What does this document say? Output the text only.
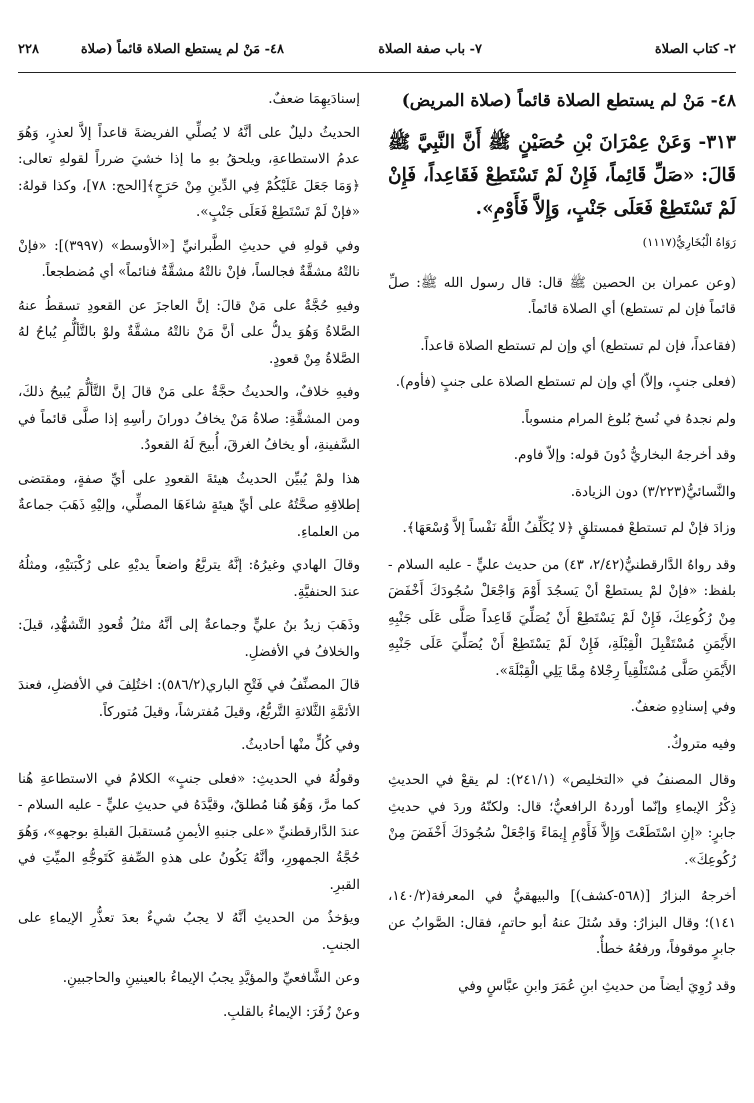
٢- كتاب الصلاة
٧- باب صفة الصلاة
٤٨- مَنْ لم يستطع الصلاة قائماً (صلاة
٢٢٨

٤٨- مَنْ لم يستطع الصلاة قائماً (صلاة المريض)

٣١٣- وَعَنْ عِمْرَانَ بْنِ حُصَيْنٍ ﷺ أَنَّ النَّبِيَّ ﷺ قَالَ: «صَلِّ قَائِماً، فَإِنْ لَمْ تَسْتَطِعْ فَقَاعِداً، فَإِنْ لَمْ تَسْتَطِعْ فَعَلَى جَنْبٍ، وَإِلاَّ فَأَوْمِ».

رَوَاهُ الْبُخَارِيُّ(١١١٧)

(وعن عمران بن الحصين ﷺ قال: قال رسول الله ﷺ: صلِّ قائماً فإن لم تستطع) أي الصلاة قائماً.

(فقاعداً، فإن لم تستطع) أي وإن لم تستطع الصلاة قاعداً.

(فعلى جنبٍ، وإلاّ) أي وإن لم تستطع الصلاة على جنبٍ (فأوم).

ولم نجدهُ في نُسخ بُلوغ المرام منسوباً.

وقد أخرجهُ البخاريُّ دُونَ قوله: وإلاّ فاوم.

والنَّسائيُّ(٣/٢٢٣) دون الزيادة.

وزادَ فإنْ لم تستطعْ فمستلقٍ ﴿لا يُكَلِّفُ اللَّهُ نَفْساً إلاَّ وُسْعَهَا﴾.

وقد رواهُ الدَّارقطنيُّ(٢/٤٢، ٤٣) من حديث عليٍّ - عليه السلام - بلفظ: «فإنْ لمْ يستطعْ أنْ يَسجُدَ أَوْمَ وَاجْعَلْ سُجُودَكَ أَخْفَضَ مِنْ رُكُوعِكَ، فَإِنْ لَمْ يَسْتَطِعْ أَنْ يُصَلِّيَ قَاعِداً صَلَّى عَلَى جَنْبِهِ الأَيْمَنِ مُسْتَقْبِلَ الْقِبْلَةِ، فَإِنْ لَمْ يَسْتَطِعْ أَنْ يُصَلِّيَ عَلَى جَنْبِهِ الأَيْمَنِ صَلَّى مُسْتَلْقِياً رِجْلاهُ مِمَّا يَلِي الْقِبْلَةَ».

وفي إسنادِهِ ضعفٌ.

وفيه متروكٌ.

وقال المصنفُ في «التخليص» (٢٤١/١): لم يقعْ في الحديثِ ذِكْرُ الإيماءِ وإنّما أوردهُ الرافعيُّ؛ قال: ولكنّهُ وردَ في حديثِ جابرٍ: «إنِ اسْتَطَعْتَ وَإِلاَّ فَأَوْمِ إِيمَاءً وَاجْعَلْ سُجُودَكَ أَخْفَضَ مِنْ رُكُوعِكَ».

أخرجهُ البزارُ [(٥٦٨-كشف)] والبيهقيُّ في المعرفة(١٤٠/٢، ١٤١)؛ وقال البزارُ: وقد سُئلَ عنهُ أبو حاتمٍ، فقال: الصَّوابُ عن جابرٍ موقوفاً، ورفعُهُ خطأٌ.

وقد رُوِيَ أيضاً من حديثِ ابنِ عُمَرَ وابنِ عبَّاسٍ وفي

إسنادَيهِمَا ضعفٌ.

الحديثُ دليلٌ على أنَّهُ لا يُصلِّي الفريضةَ قاعداً إلاَّ لعذرٍ، وَهُوَ عدمُ الاستطاعةِ، ويلحقُ بهِ ما إذا خشيَ ضرراً لقولهِ تعالى: ﴿وَمَا جَعَلَ عَلَيْكُمْ فِي الدِّينِ مِنْ حَرَجٍ﴾[الحج: ٧٨]، وكذا قولهُ: «فإنْ لَمْ تَسْتَطِعْ فَعَلَى جَنْبٍ».

وفي قولهِ في حديثِ الطَّبرانيِّ [«الأوسط» (٣٩٩٧)]: «فإنْ نالتْهُ مشقَّةٌ فجالساً، فإنْ نالتْهُ مشقَّةٌ فنائماً» أي مُضطجعاً.

وفيهِ حُجَّةٌ على مَنْ قالَ: إنَّ العاجزَ عن القعودِ تسقطُ عنهُ الصَّلاةُ وَهُوَ يدلُّ على أنَّ مَنْ نالتْهُ مشقَّةٌ ولوْ بالتَّألُّمِ يُباحُ لهُ الصَّلاةُ مِنْ قعودٍ.

وفيهِ خلافٌ، والحديثُ حجَّةٌ على مَنْ قالَ إنَّ التَّألُّمَ يُبيحُ ذلكَ، ومن المشقَّةِ: صلاةُ مَنْ يخافُ دورانَ رأسِهِ إذا صلَّى قائماً في السَّفينةِ، أو يخافُ الغرقَ، أُبيحَ لَهُ القعودُ.

هذا ولمْ يُبيِّن الحديثُ هيئةَ القعودِ على أيِّ صفةٍ، ومقتضى إطلاقِهِ صحَّتُهُ على أيِّ هيئةٍ شاءَهَا المصلِّي، وإليْهِ ذَهَبَ جماعةٌ من العلماءِ.

وقالَ الهادي وغيرُهُ: إنَّهُ يتربَّعُ واضعاً يديْهِ على رُكْبَتيْهِ، ومثلُهُ عندَ الحنفيَّةِ.

وذَهَبَ زيدُ بنُ عليٍّ وجماعةٌ إلى أنَّهُ مثلُ قُعودِ التَّشهُّدِ، قيلَ: والخلافُ في الأفضلِ.

قالَ المصنِّفُ في فَتْحِ الباري(٥٨٦/٢): اختُلِفَ في الأفضلِ، فعندَ الأئمَّةِ الثَّلاثةِ التَّربُّعُ، وقيلَ مُفترشاً، وقيلَ مُتوركاً.

وفي كُلٍّ منْها أحاديثُ.

وقولُهُ في الحديثِ: «فعلى جنبٍ» الكلامُ في الاستطاعةِ هُنا كما مرَّ، وَهُوَ هُنا مُطلقٌ، وقيَّدَهُ في حديثِ عليٍّ - عليه السلام - عندَ الدَّارقطنيِّ «على جنبهِ الأيمنِ مُستقبلَ القبلةِ بوجههِ»، وَهُوَ حُجَّةُ الجمهورِ، وأنَّهُ يَكُونُ على هذهِ الصِّفةِ كَتَوجُّهِ الميِّتِ في القبرِ.

ويؤخذُ من الحديثِ أنَّهُ لا يجبُ شيءٌ بعدَ تعذُّرِ الإيماءِ على الجنبِ.

وعن الشَّافعيِّ والمؤيَّدِ يجبُ الإيماءُ بالعينينِ والحاجبينِ.

وعنْ زُفَرَ: الإيماءُ بالقلبِ.
